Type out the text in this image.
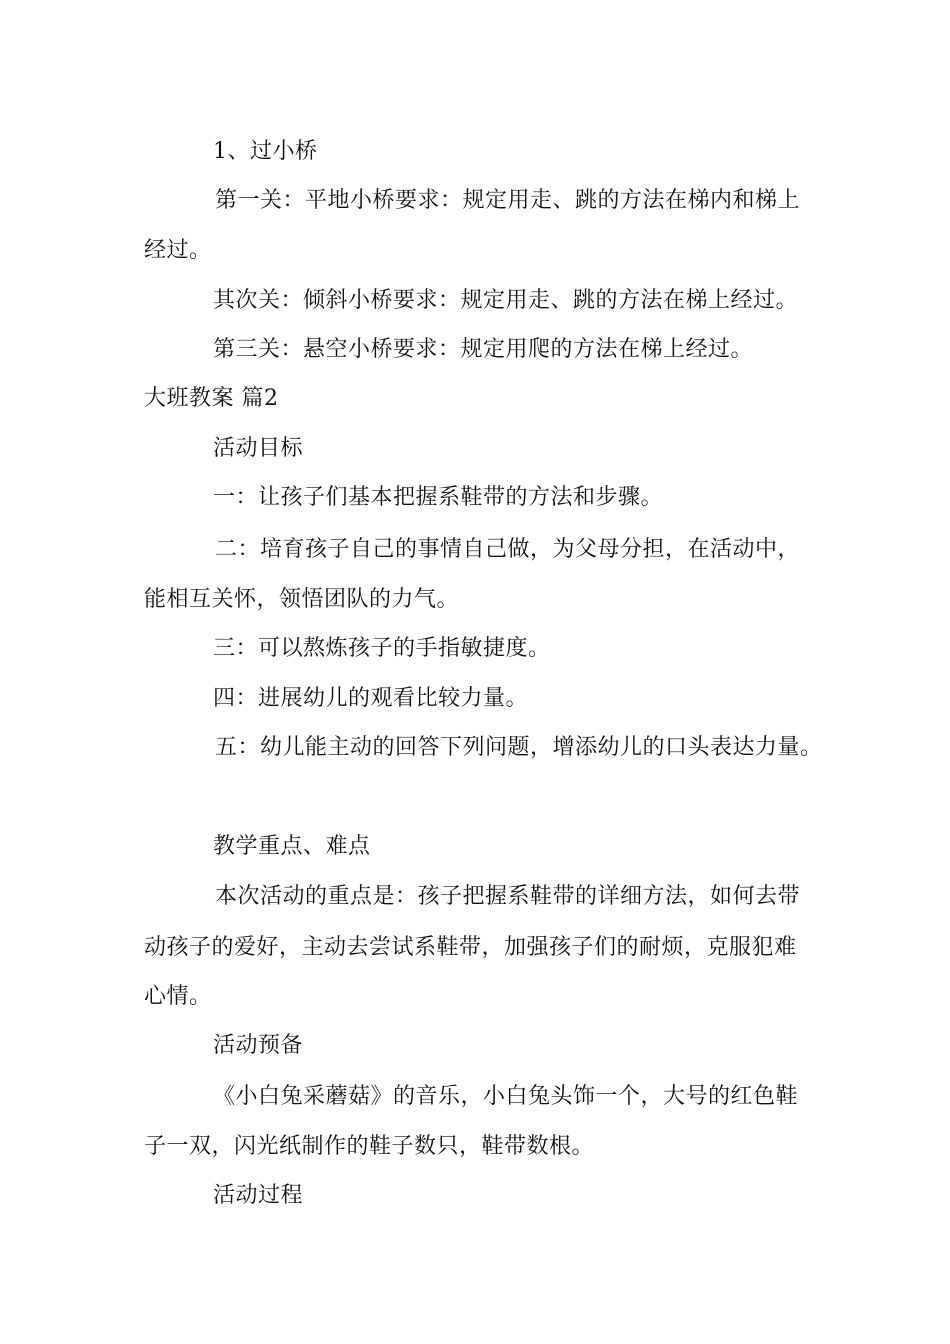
1、过小桥
第一关：平地小桥要求：规定用走、跳的方法在梯内和梯上
经过。
其次关：倾斜小桥要求：规定用走、跳的方法在梯上经过。
第三关：悬空小桥要求：规定用爬的方法在梯上经过。
大班教案 篇2
活动目标
一：让孩子们基本把握系鞋带的方法和步骤。
二：培育孩子自己的事情自己做，为父母分担，在活动中，
能相互关怀，领悟团队的力气。
三：可以熬炼孩子的手指敏捷度。
四：进展幼儿的观看比较力量。
五：幼儿能主动的回答下列问题，增添幼儿的口头表达力量。
教学重点、难点
本次活动的重点是：孩子把握系鞋带的详细方法，如何去带
动孩子的爱好，主动去尝试系鞋带，加强孩子们的耐烦，克服犯难
心情。
活动预备
《小白兔采蘑菇》的音乐，小白兔头饰一个，大号的红色鞋
子一双，闪光纸制作的鞋子数只，鞋带数根。
活动过程
